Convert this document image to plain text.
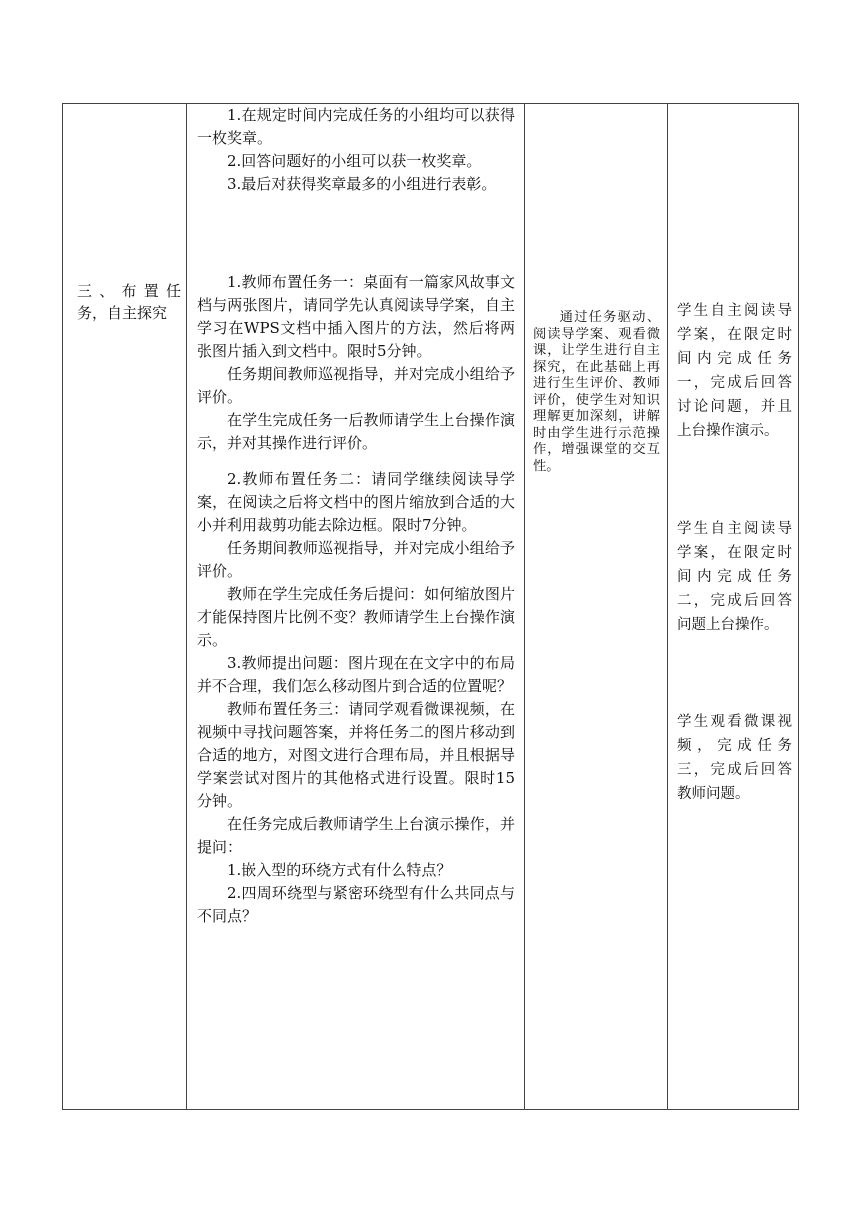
三、布置任务，自主探究

1.在规定时间内完成任务的小组均可以获得一枚奖章。

2.回答问题好的小组可以获一枚奖章。

3.最后对获得奖章最多的小组进行表彰。

1.教师布置任务一：桌面有一篇家风故事文档与两张图片，请同学先认真阅读导学案，自主学习在WPS文档中插入图片的方法，然后将两张图片插入到文档中。限时5分钟。

任务期间教师巡视指导，并对完成小组给予评价。

在学生完成任务一后教师请学生上台操作演示，并对其操作进行评价。

2.教师布置任务二：请同学继续阅读导学案，在阅读之后将文档中的图片缩放到合适的大小并利用裁剪功能去除边框。限时7分钟。

任务期间教师巡视指导，并对完成小组给予评价。

教师在学生完成任务后提问：如何缩放图片才能保持图片比例不变？教师请学生上台操作演示。

3.教师提出问题：图片现在在文字中的布局并不合理，我们怎么移动图片到合适的位置呢？

教师布置任务三：请同学观看微课视频，在视频中寻找问题答案，并将任务二的图片移动到合适的地方，对图文进行合理布局，并且根据导学案尝试对图片的其他格式进行设置。限时15分钟。

在任务完成后教师请学生上台演示操作，并提问：

1.嵌入型的环绕方式有什么特点？

2.四周环绕型与紧密环绕型有什么共同点与不同点？

通过任务驱动、阅读导学案、观看微课，让学生进行自主探究，在此基础上再进行生生评价、教师评价，使学生对知识理解更加深刻，讲解时由学生进行示范操作，增强课堂的交互性。

学生自主阅读导学案，在限定时间内完成任务一，完成后回答讨论问题，并且上台操作演示。

学生自主阅读导学案，在限定时间内完成任务二，完成后回答问题上台操作。

学生观看微课视频，完成任务三，完成后回答教师问题。
